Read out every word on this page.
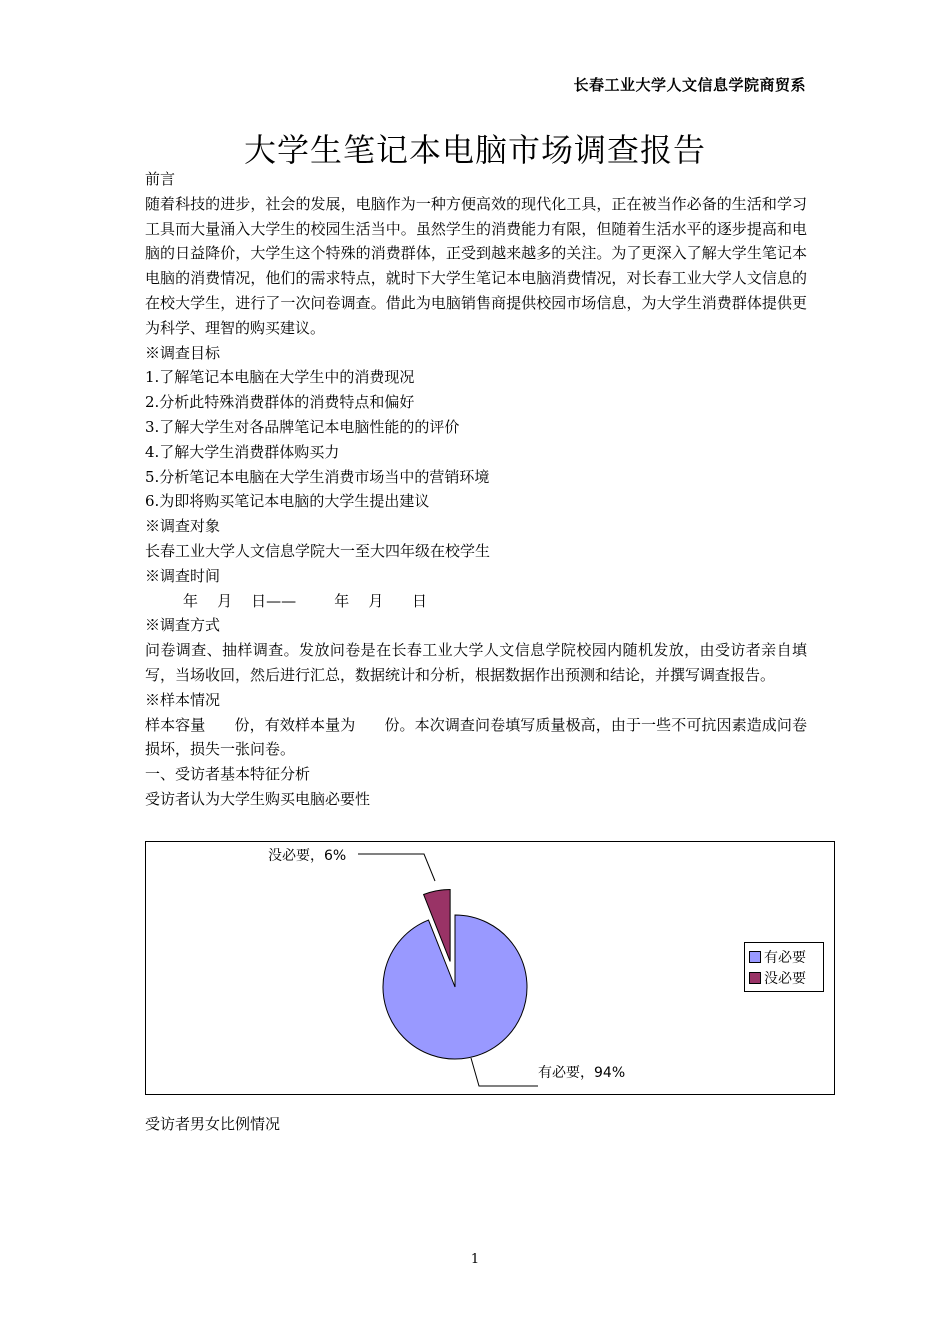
长春工业大学人文信息学院商贸系
大学生笔记本电脑市场调查报告

前言

随着科技的进步，社会的发展，电脑作为一种方便高效的现代化工具，正在被当作必备的生活和学习工具而大量涌入大学生的校园生活当中。虽然学生的消费能力有限，但随着生活水平的逐步提高和电脑的日益降价，大学生这个特殊的消费群体，正受到越来越多的关注。为了更深入了解大学生笔记本电脑的消费情况，他们的需求特点，就时下大学生笔记本电脑消费情况，对长春工业大学人文信息的在校大学生，进行了一次问卷调查。借此为电脑销售商提供校园市场信息，为大学生消费群体提供更为科学、理智的购买建议。

※调查目标

1.了解笔记本电脑在大学生中的消费现况

2.分析此特殊消费群体的消费特点和偏好

3.了解大学生对各品牌笔记本电脑性能的的评价

4.了解大学生消费群体购买力

5.分析笔记本电脑在大学生消费市场当中的营销环境

6.为即将购买笔记本电脑的大学生提出建议

※调查对象

长春工业大学人文信息学院大一至大四年级在校学生

※调查时间

年    月    日——        年    月      日

※调查方式

问卷调查、抽样调查。发放问卷是在长春工业大学人文信息学院校园内随机发放，由受访者亲自填写，当场收回，然后进行汇总，数据统计和分析，根据数据作出预测和结论，并撰写调查报告。

※样本情况

样本容量      份，有效样本量为      份。本次调查问卷填写质量极高，由于一些不可抗因素造成问卷损坏，损失一张问卷。

一、受访者基本特征分析

受访者认为大学生购买电脑必要性

没必要，6%
有必要，94%
有必要
没必要
受访者男女比例情况
1
